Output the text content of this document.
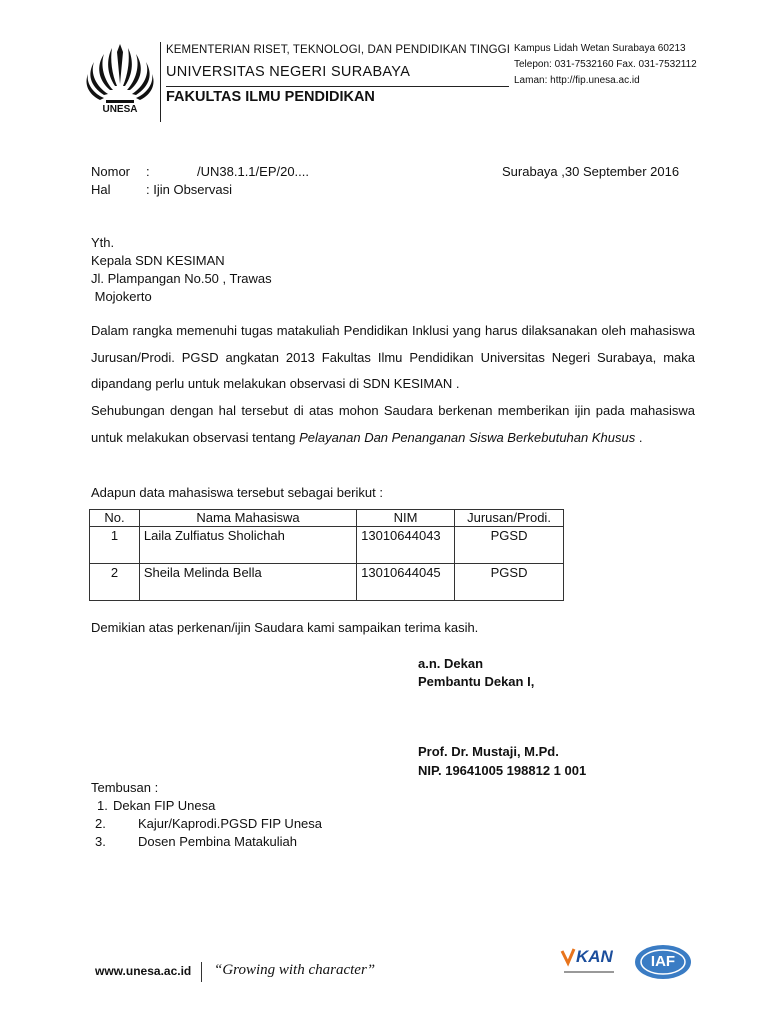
UNESA
KEMENTERIAN RISET, TEKNOLOGI, DAN PENDIDIKAN TINGGI
UNIVERSITAS NEGERI SURABAYA
FAKULTAS ILMU PENDIDIKAN
Kampus Lidah Wetan Surabaya 60213
Telepon: 031-7532160 Fax. 031-7532112
Laman: http://fip.unesa.ac.id
Nomor :	/UN38.1.1/EP/20....	Surabaya ,30 September 2016
Hal	: Ijin Observasi
Yth.
Kepala SDN KESIMAN
Jl. Plampangan No.50 , Trawas
Mojokerto
Dalam rangka memenuhi tugas matakuliah Pendidikan Inklusi yang harus dilaksanakan oleh mahasiswa Jurusan/Prodi. PGSD angkatan 2013 Fakultas Ilmu Pendidikan Universitas Negeri Surabaya, maka dipandang perlu untuk melakukan observasi di SDN KESIMAN .
Sehubungan dengan hal tersebut di atas mohon Saudara berkenan memberikan ijin pada mahasiswa untuk melakukan observasi tentang Pelayanan Dan Penanganan Siswa Berkebutuhan Khusus .
Adapun data mahasiswa tersebut sebagai berikut :
No.	Nama Mahasiswa	NIM	Jurusan/Prodi.
1	Laila Zulfiatus Sholichah	13010644043	PGSD
2	Sheila Melinda Bella	13010644045	PGSD
Demikian atas perkenan/ijin Saudara kami sampaikan terima kasih.
a.n. Dekan
Pembantu Dekan I,
Prof. Dr. Mustaji, M.Pd.
NIP. 19641005 198812 1 001
Tembusan :
1. Dekan FIP Unesa
2. Kajur/Kaprodi.PGSD FIP Unesa
3. Dosen Pembina Matakuliah
www.unesa.ac.id “Growing with character”
KAN	IAF
